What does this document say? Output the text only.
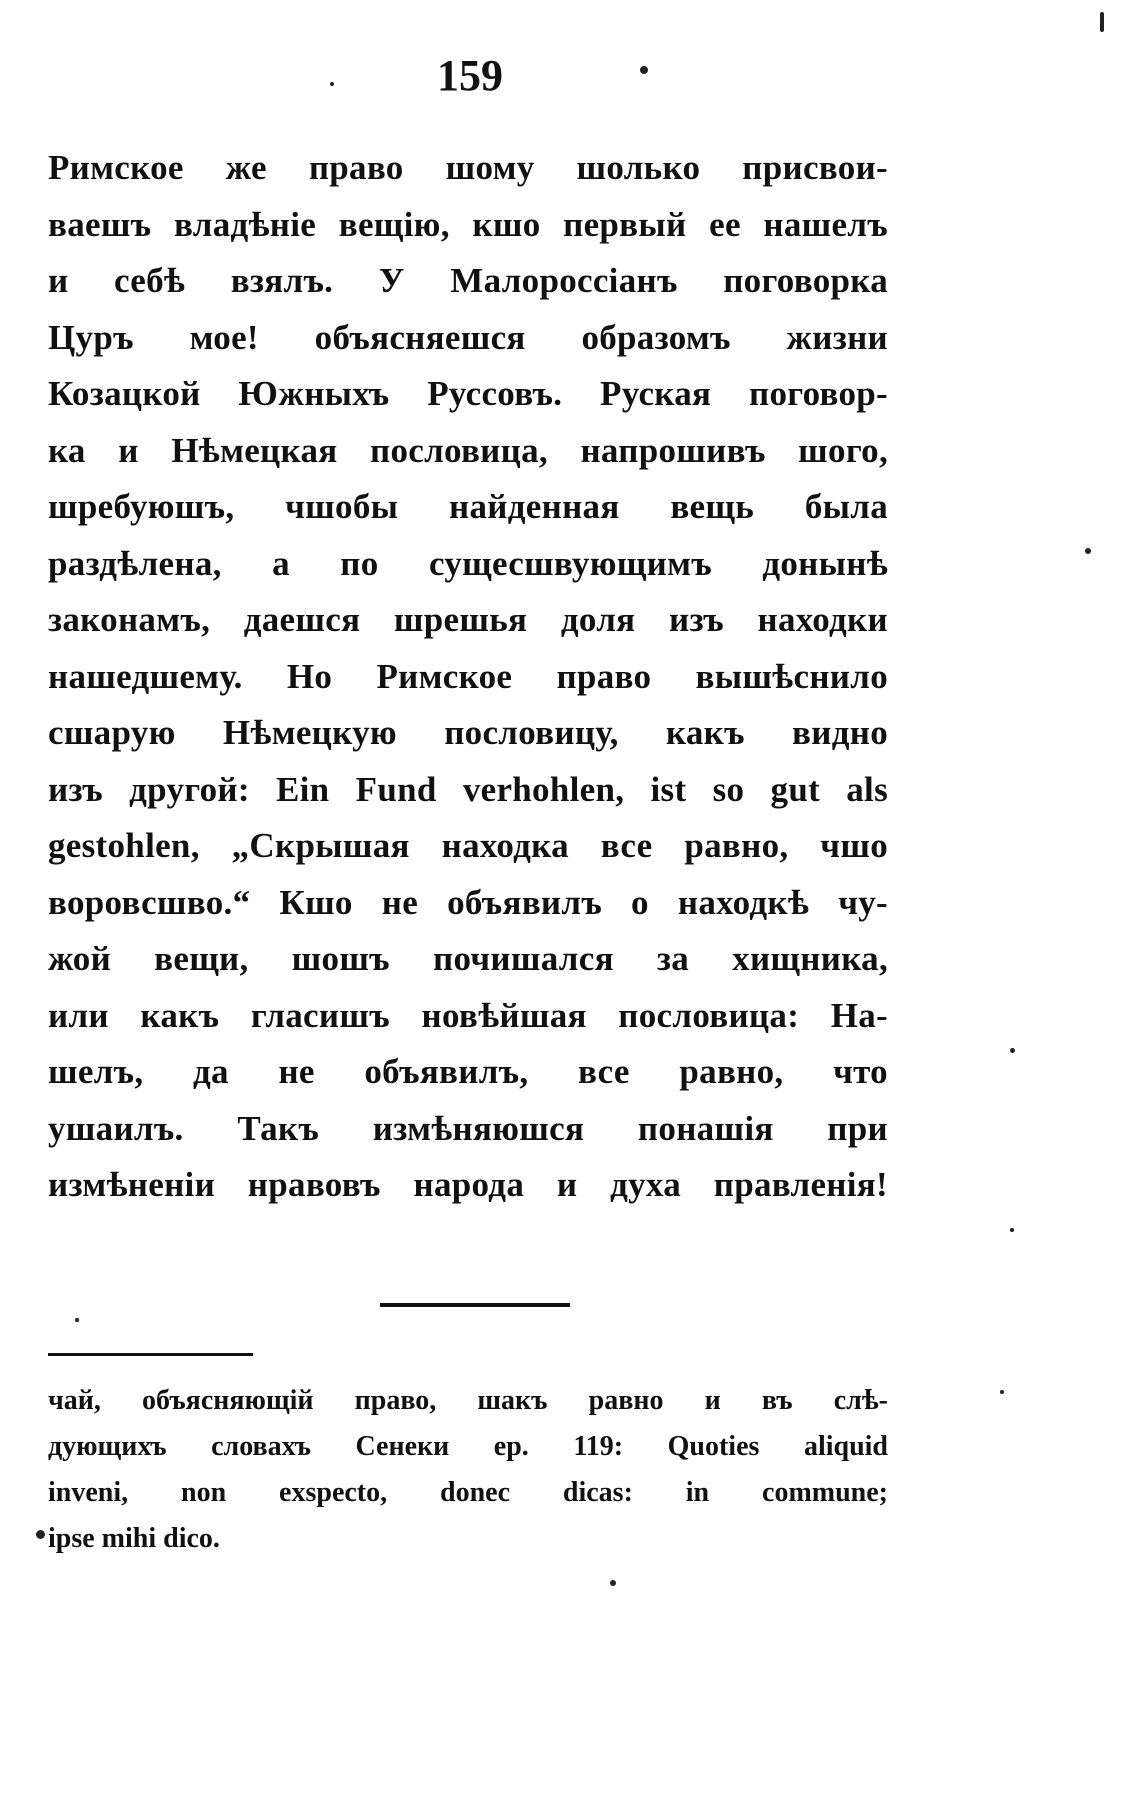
159
Римское же право шому шолько присвои-
ваешъ владѣніе вещію, кшо первый ее нашелъ
и себѣ взялъ. У Малороссіанъ поговорка
Цуръ мое! объясняешся образомъ жизни
Козацкой Южныхъ Руссовъ. Руская поговор-
ка и Нѣмецкая пословица, напрошивъ шого,
шребуюшъ, чшобы найденная вещь была
раздѣлена, а по сущесшвующимъ донынѣ
законамъ, даешся шрешья доля изъ находки
нашедшему. Но Римское право вышѣснило
сшарую Нѣмецкую пословицу, какъ видно
изъ другой: Ein Fund verhohlen, ist so gut als
gestohlen, „Скрышая находка все равно, чшо
воровсшво.“ Кшо не объявилъ о находкѣ чу-
жой вещи, шошъ почишался за хищника,
или какъ гласишъ новѣйшая пословица: На-
шелъ, да не объявилъ, все равно, что
ушаилъ. Такъ измѣняюшся понашія при
измѣненіи нравовъ народа и духа правленія!
чай, объясняющій право, шакъ равно и въ слѣ-
дующихъ словахъ Сенеки ep. 119: Quoties aliquid
inveni, non exspecto, donec dicas: in commune;
ipse mihi dico.
